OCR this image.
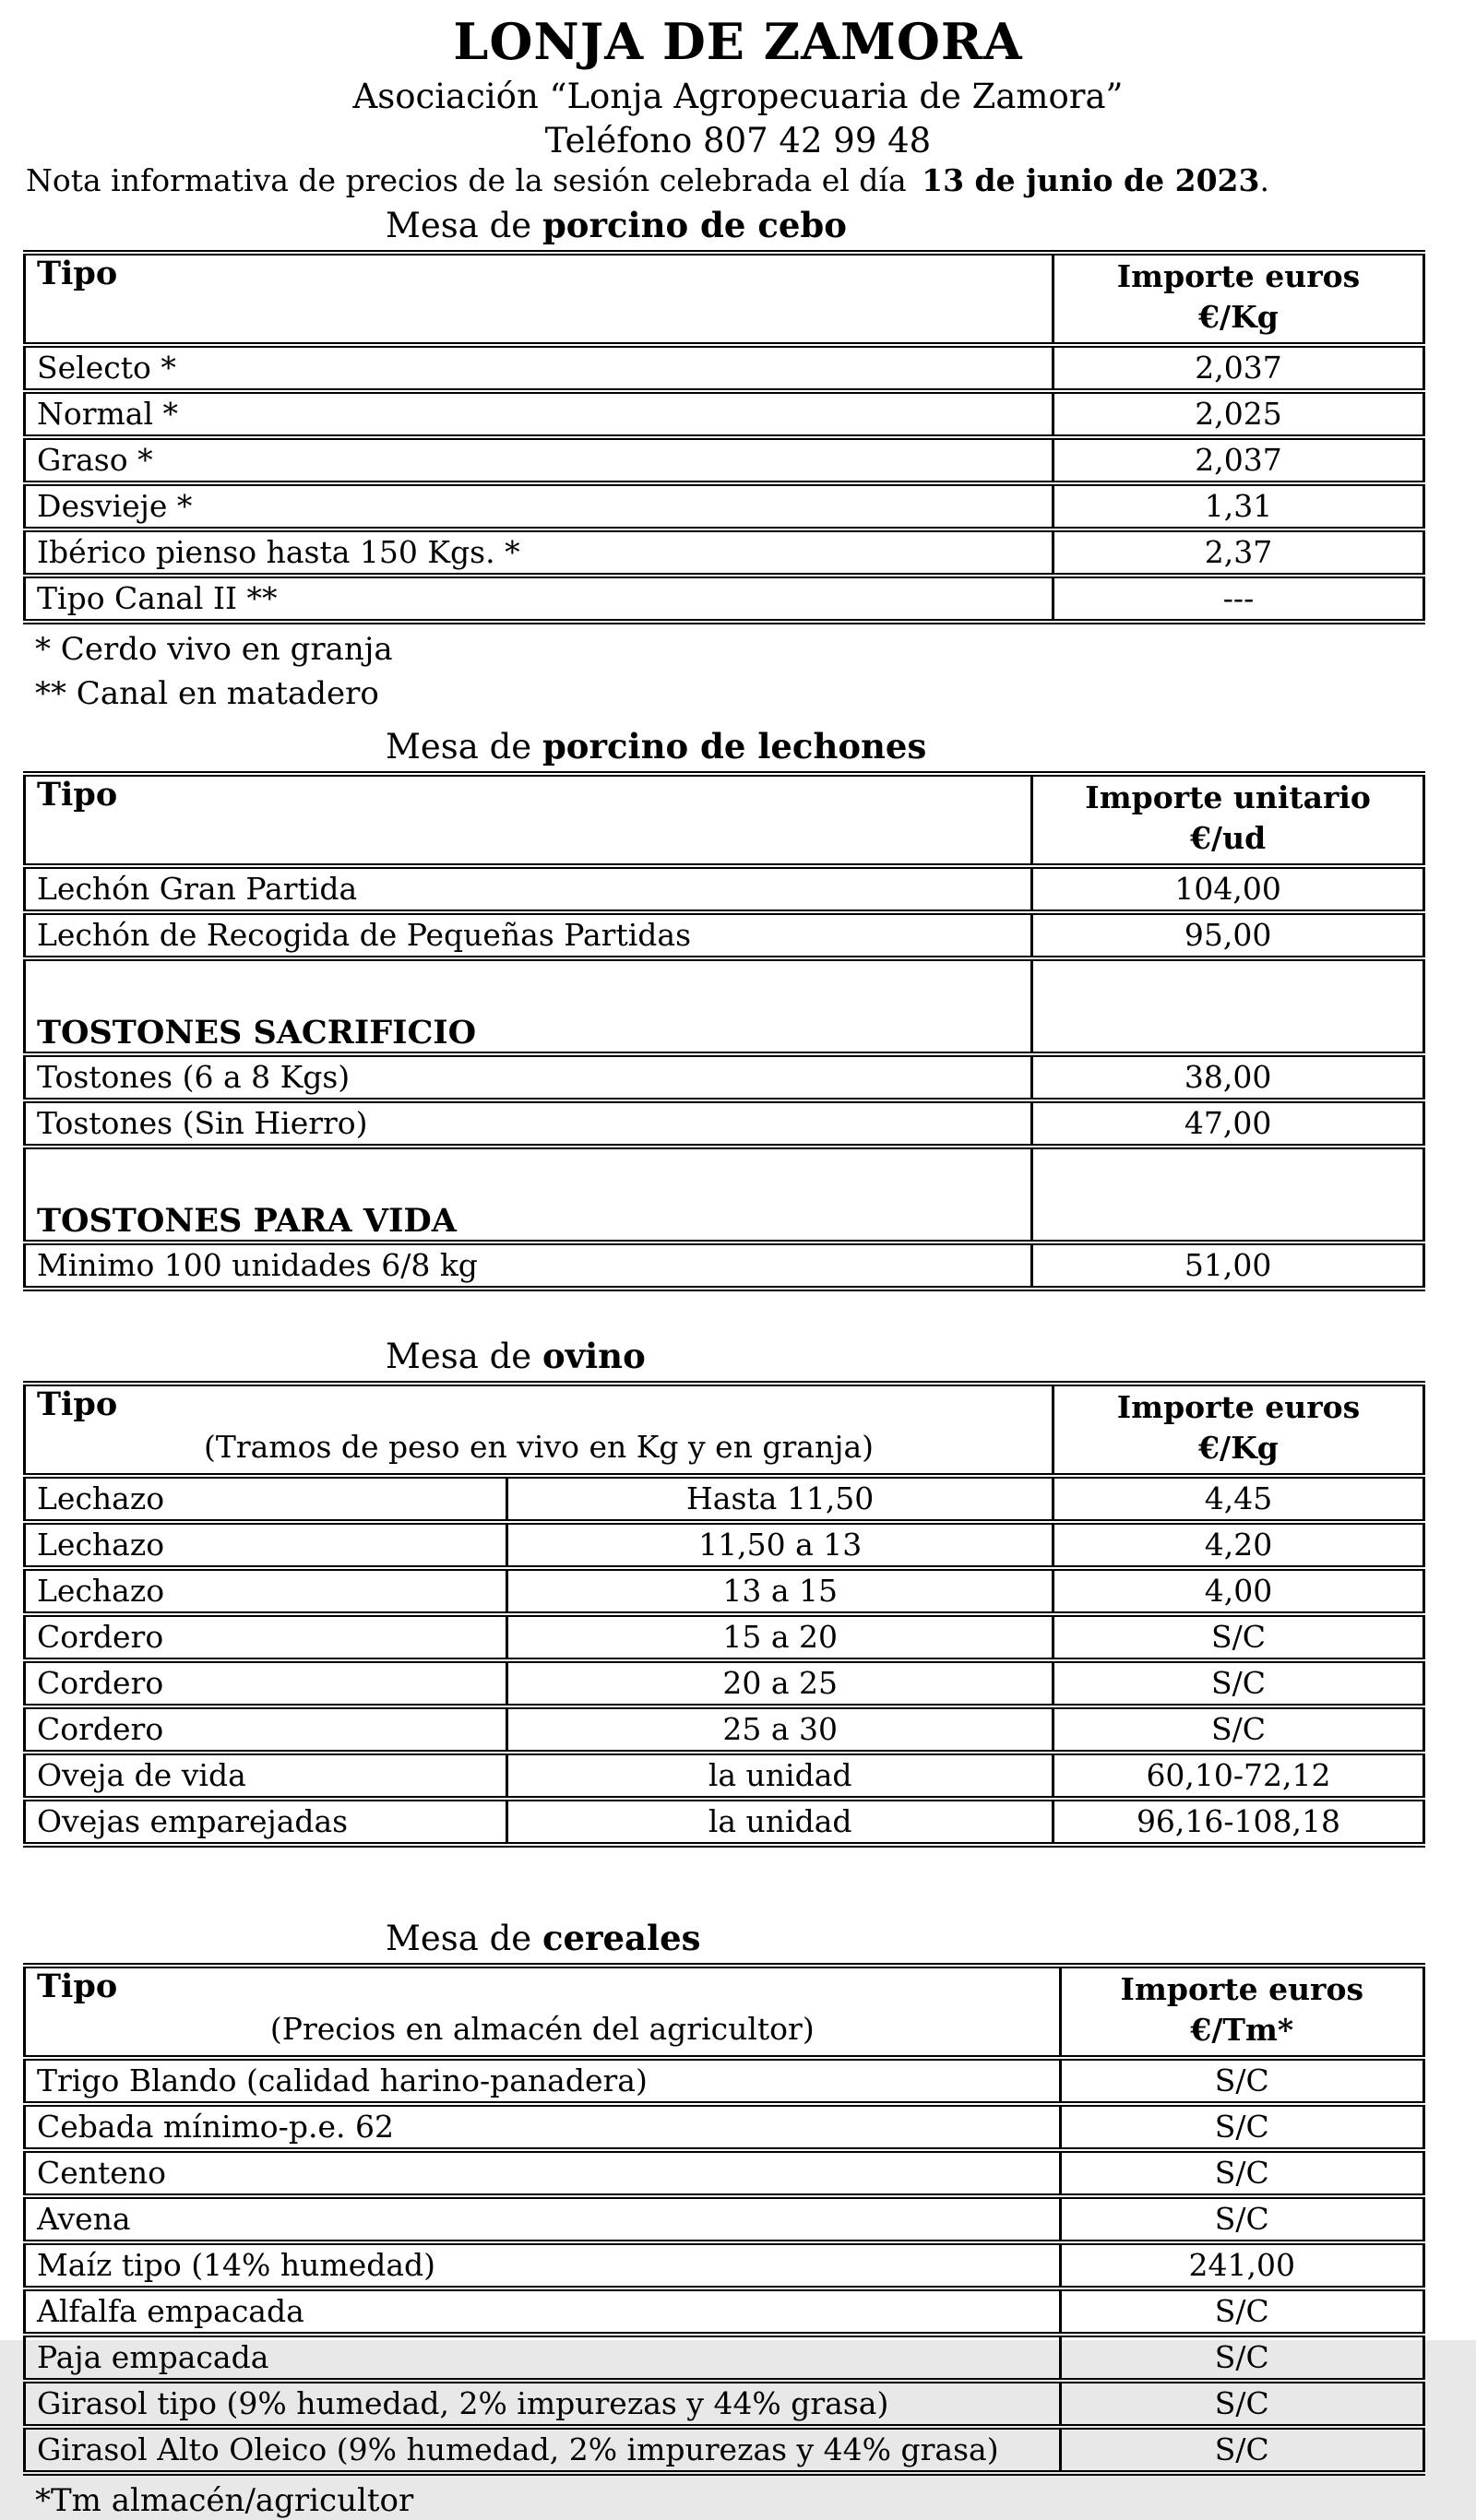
LONJA DE ZAMORA
Asociación “Lonja Agropecuaria de Zamora”
Teléfono 807 42 99 48
Nota informativa de precios de la sesión celebrada el día 13 de junio de 2023.
Mesa de porcino de cebo
Tipo	Importe euros
€/Kg

Selecto *	2,037
Normal *	2,025
Graso *	2,037
Desvieje *	1,31
Ibérico pienso hasta 150 Kgs. *	2,37
Tipo Canal II **	---
* Cerdo vivo en granja
** Canal en matadero
Mesa de porcino de lechones
Tipo	Importe unitario
€/ud

Lechón Gran Partida	104,00
Lechón de Recogida de Pequeñas Partidas	95,00
TOSTONES SACRIFICIO	
Tostones (6 a 8 Kgs)	38,00
Tostones (Sin Hierro)	47,00
TOSTONES PARA VIDA	
Minimo 100 unidades 6/8 kg	51,00
Mesa de ovino
Tipo
(Tramos de peso en vivo en Kg y en granja)

Importe euros
€/Kg

Lechazo	Hasta 11,50	4,45
Lechazo	11,50 a 13	4,20
Lechazo	13 a 15	4,00
Cordero	15 a 20	S/C
Cordero	20 a 25	S/C
Cordero	25 a 30	S/C
Oveja de vida	la unidad	60,10-72,12
Ovejas emparejadas	la unidad	96,16-108,18
Mesa de cereales
Tipo
(Precios en almacén del agricultor)

Importe euros
€/Tm*

Trigo Blando (calidad harino-panadera)	S/C
Cebada mínimo-p.e. 62	S/C
Centeno	S/C
Avena	S/C
Maíz tipo (14% humedad)	241,00
Alfalfa empacada	S/C
Paja empacada	S/C
Girasol tipo (9% humedad, 2% impurezas y 44% grasa)	S/C
Girasol Alto Oleico (9% humedad, 2% impurezas y 44% grasa)	S/C
*Tm almacén/agricultor
